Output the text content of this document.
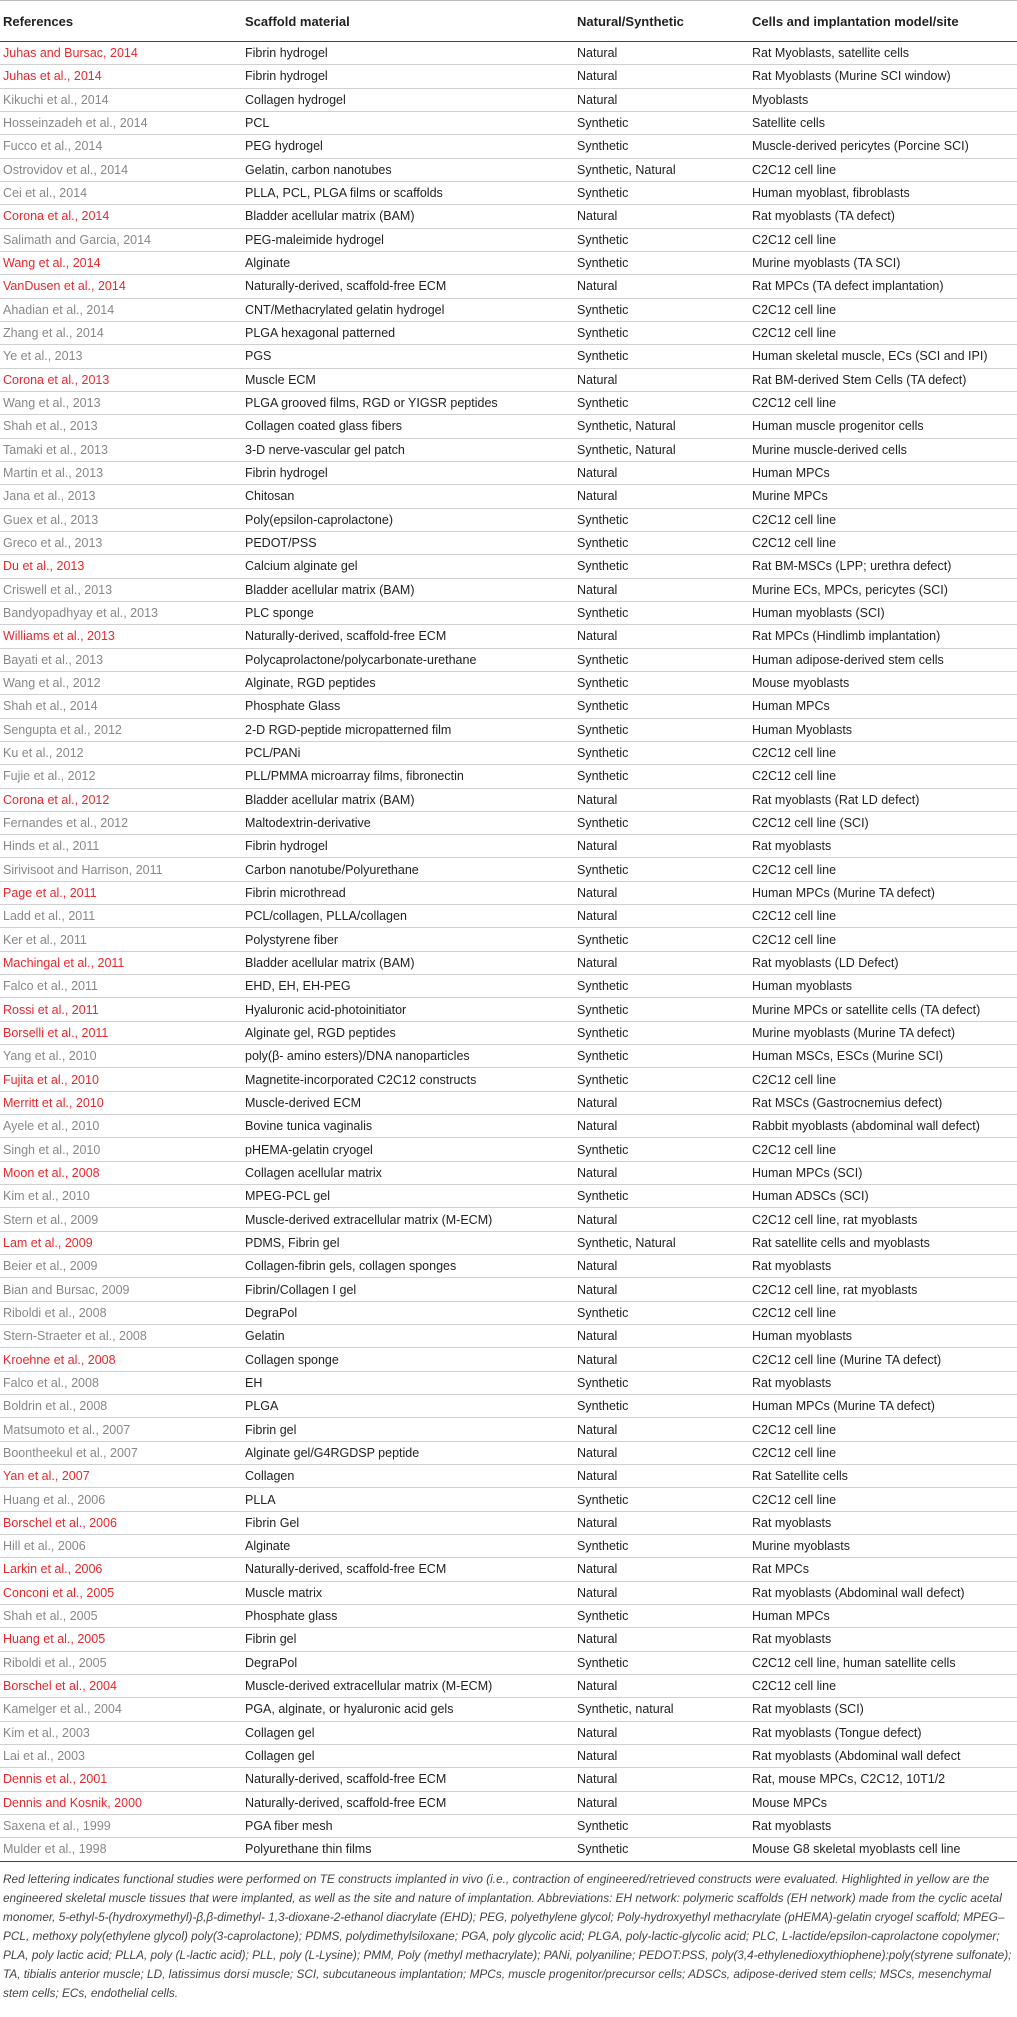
References	Scaffold material	Natural/Synthetic	Cells and implantation model/site
Juhas and Bursac, 2014	Fibrin hydrogel	Natural	Rat Myoblasts, satellite cells
Juhas et al., 2014	Fibrin hydrogel	Natural	Rat Myoblasts (Murine SCI window)
Kikuchi et al., 2014	Collagen hydrogel	Natural	Myoblasts
Hosseinzadeh et al., 2014	PCL	Synthetic	Satellite cells
Fucco et al., 2014	PEG hydrogel	Synthetic	Muscle-derived pericytes (Porcine SCI)
Ostrovidov et al., 2014	Gelatin, carbon nanotubes	Synthetic, Natural	C2C12 cell line
Cei et al., 2014	PLLA, PCL, PLGA films or scaffolds	Synthetic	Human myoblast, fibroblasts
Corona et al., 2014	Bladder acellular matrix (BAM)	Natural	Rat myoblasts (TA defect)
Salimath and Garcia, 2014	PEG-maleimide hydrogel	Synthetic	C2C12 cell line
Wang et al., 2014	Alginate	Synthetic	Murine myoblasts (TA SCI)
VanDusen et al., 2014	Naturally-derived, scaffold-free ECM	Natural	Rat MPCs (TA defect implantation)
Ahadian et al., 2014	CNT/Methacrylated gelatin hydrogel	Synthetic	C2C12 cell line
Zhang et al., 2014	PLGA hexagonal patterned	Synthetic	C2C12 cell line
Ye et al., 2013	PGS	Synthetic	Human skeletal muscle, ECs (SCI and IPI)
Corona et al., 2013	Muscle ECM	Natural	Rat BM-derived Stem Cells (TA defect)
Wang et al., 2013	PLGA grooved films, RGD or YIGSR peptides	Synthetic	C2C12 cell line
Shah et al., 2013	Collagen coated glass fibers	Synthetic, Natural	Human muscle progenitor cells
Tamaki et al., 2013	3-D nerve-vascular gel patch	Synthetic, Natural	Murine muscle-derived cells
Martin et al., 2013	Fibrin hydrogel	Natural	Human MPCs
Jana et al., 2013	Chitosan	Natural	Murine MPCs
Guex et al., 2013	Poly(epsilon-caprolactone)	Synthetic	C2C12 cell line
Greco et al., 2013	PEDOT/PSS	Synthetic	C2C12 cell line
Du et al., 2013	Calcium alginate gel	Synthetic	Rat BM-MSCs (LPP; urethra defect)
Criswell et al., 2013	Bladder acellular matrix (BAM)	Natural	Murine ECs, MPCs, pericytes (SCI)
Bandyopadhyay et al., 2013	PLC sponge	Synthetic	Human myoblasts (SCI)
Williams et al., 2013	Naturally-derived, scaffold-free ECM	Natural	Rat MPCs (Hindlimb implantation)
Bayati et al., 2013	Polycaprolactone/polycarbonate-urethane	Synthetic	Human adipose-derived stem cells
Wang et al., 2012	Alginate, RGD peptides	Synthetic	Mouse myoblasts
Shah et al., 2014	Phosphate Glass	Synthetic	Human MPCs
Sengupta et al., 2012	2-D RGD-peptide micropatterned film	Synthetic	Human Myoblasts
Ku et al., 2012	PCL/PANi	Synthetic	C2C12 cell line
Fujie et al., 2012	PLL/PMMA microarray films, fibronectin	Synthetic	C2C12 cell line
Corona et al., 2012	Bladder acellular matrix (BAM)	Natural	Rat myoblasts (Rat LD defect)
Fernandes et al., 2012	Maltodextrin-derivative	Synthetic	C2C12 cell line (SCI)
Hinds et al., 2011	Fibrin hydrogel	Natural	Rat myoblasts
Sirivisoot and Harrison, 2011	Carbon nanotube/Polyurethane	Synthetic	C2C12 cell line
Page et al., 2011	Fibrin microthread	Natural	Human MPCs (Murine TA defect)
Ladd et al., 2011	PCL/collagen, PLLA/collagen	Natural	C2C12 cell line
Ker et al., 2011	Polystyrene fiber	Synthetic	C2C12 cell line
Machingal et al., 2011	Bladder acellular matrix (BAM)	Natural	Rat myoblasts (LD Defect)
Falco et al., 2011	EHD, EH, EH-PEG	Synthetic	Human myoblasts
Rossi et al., 2011	Hyaluronic acid-photoinitiator	Synthetic	Murine MPCs or satellite cells (TA defect)
Borselli et al., 2011	Alginate gel, RGD peptides	Synthetic	Murine myoblasts (Murine TA defect)
Yang et al., 2010	poly(β- amino esters)/DNA nanoparticles	Synthetic	Human MSCs, ESCs (Murine SCI)
Fujita et al., 2010	Magnetite-incorporated C2C12 constructs	Synthetic	C2C12 cell line
Merritt et al., 2010	Muscle-derived ECM	Natural	Rat MSCs (Gastrocnemius defect)
Ayele et al., 2010	Bovine tunica vaginalis	Natural	Rabbit myoblasts (abdominal wall defect)
Singh et al., 2010	pHEMA-gelatin cryogel	Synthetic	C2C12 cell line
Moon et al., 2008	Collagen acellular matrix	Natural	Human MPCs (SCI)
Kim et al., 2010	MPEG-PCL gel	Synthetic	Human ADSCs (SCI)
Stern et al., 2009	Muscle-derived extracellular matrix (M-ECM)	Natural	C2C12 cell line, rat myoblasts
Lam et al., 2009	PDMS, Fibrin gel	Synthetic, Natural	Rat satellite cells and myoblasts
Beier et al., 2009	Collagen-fibrin gels, collagen sponges	Natural	Rat myoblasts
Bian and Bursac, 2009	Fibrin/Collagen I gel	Natural	C2C12 cell line, rat myoblasts
Riboldi et al., 2008	DegraPol	Synthetic	C2C12 cell line
Stern-Straeter et al., 2008	Gelatin	Natural	Human myoblasts
Kroehne et al., 2008	Collagen sponge	Natural	C2C12 cell line (Murine TA defect)
Falco et al., 2008	EH	Synthetic	Rat myoblasts
Boldrin et al., 2008	PLGA	Synthetic	Human MPCs (Murine TA defect)
Matsumoto et al., 2007	Fibrin gel	Natural	C2C12 cell line
Boontheekul et al., 2007	Alginate gel/G4RGDSP peptide	Natural	C2C12 cell line
Yan et al., 2007	Collagen	Natural	Rat Satellite cells
Huang et al., 2006	PLLA	Synthetic	C2C12 cell line
Borschel et al., 2006	Fibrin Gel	Natural	Rat myoblasts
Hill et al., 2006	Alginate	Synthetic	Murine myoblasts
Larkin et al., 2006	Naturally-derived, scaffold-free ECM	Natural	Rat MPCs
Conconi et al., 2005	Muscle matrix	Natural	Rat myoblasts (Abdominal wall defect)
Shah et al., 2005	Phosphate glass	Synthetic	Human MPCs
Huang et al., 2005	Fibrin gel	Natural	Rat myoblasts
Riboldi et al., 2005	DegraPol	Synthetic	C2C12 cell line, human satellite cells
Borschel et al., 2004	Muscle-derived extracellular matrix (M-ECM)	Natural	C2C12 cell line
Kamelger et al., 2004	PGA, alginate, or hyaluronic acid gels	Synthetic, natural	Rat myoblasts (SCI)
Kim et al., 2003	Collagen gel	Natural	Rat myoblasts (Tongue defect)
Lai et al., 2003	Collagen gel	Natural	Rat myoblasts (Abdominal wall defect
Dennis et al., 2001	Naturally-derived, scaffold-free ECM	Natural	Rat, mouse MPCs, C2C12, 10T1/2
Dennis and Kosnik, 2000	Naturally-derived, scaffold-free ECM	Natural	Mouse MPCs
Saxena et al., 1999	PGA fiber mesh	Synthetic	Rat myoblasts
Mulder et al., 1998	Polyurethane thin films	Synthetic	Mouse G8 skeletal myoblasts cell line

Red lettering indicates functional studies were performed on TE constructs implanted in vivo (i.e., contraction of engineered/retrieved constructs were evaluated. Highlighted in yellow are the engineered skeletal muscle tissues that were implanted, as well as the site and nature of implantation. Abbreviations: EH network: polymeric scaffolds (EH network) made from the cyclic acetal monomer, 5-ethyl-5-(hydroxymethyl)-β,β-dimethyl- 1,3-dioxane-2-ethanol diacrylate (EHD); PEG, polyethylene glycol; Poly-hydroxyethyl methacrylate (pHEMA)-gelatin cryogel scaffold; MPEG–PCL, methoxy poly(ethylene glycol) poly(3-caprolactone); PDMS, polydimethylsiloxane; PGA, poly glycolic acid; PLGA, poly-lactic-glycolic acid; PLC, L-lactide/epsilon-caprolactone copolymer; PLA, poly lactic acid; PLLA, poly (L-lactic acid); PLL, poly (L-Lysine); PMM, Poly (methyl methacrylate); PANi, polyaniline; PEDOT:PSS, poly(3,4-ethylenedioxythiophene):poly(styrene sulfonate); TA, tibialis anterior muscle; LD, latissimus dorsi muscle; SCI, subcutaneous implantation; MPCs, muscle progenitor/precursor cells; ADSCs, adipose-derived stem cells; MSCs, mesenchymal stem cells; ECs, endothelial cells.
